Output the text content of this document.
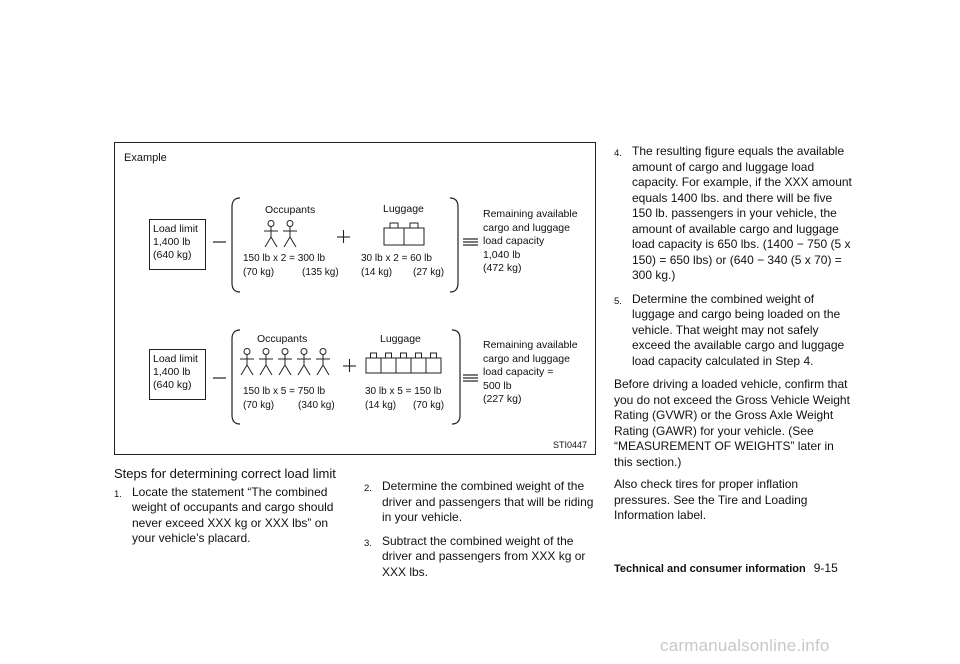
Example
Load limit
1,400 lb
(640 kg)
Occupants
150 lb x 2 = 300 lb
(70 kg)	(135 kg)
Luggage
30 lb x 2 = 60 lb
(14 kg) (27 kg)
Remaining available
cargo and luggage
load capacity
1,040 lb
(472 kg)
Load limit
1,400 lb
(640 kg)
Occupants
150 lb x 5 = 750 lb
(70 kg) (340 kg)
Luggage
30 lb x 5 = 150 lb
(14 kg) (70 kg)
Remaining available
cargo and luggage
load capacity =
500 lb
(227 kg)
STI0447
Steps for determining correct load limit
1. Locate the statement “The combined weight of occupants and cargo should never exceed XXX kg or XXX lbs” on your vehicle’s placard.
2. Determine the combined weight of the driver and passengers that will be riding in your vehicle.
3. Subtract the combined weight of the driver and passengers from XXX kg or XXX lbs.
4. The resulting figure equals the available amount of cargo and luggage load capacity. For example, if the XXX amount equals 1400 lbs. and there will be five 150 lb. passengers in your vehicle, the amount of available cargo and luggage load capacity is 650 lbs. (1400 − 750 (5 x 150) = 650 lbs) or (640 − 340 (5 x 70) = 300 kg.)
5. Determine the combined weight of luggage and cargo being loaded on the vehicle. That weight may not safely exceed the available cargo and luggage load capacity calculated in Step 4.

Before driving a loaded vehicle, confirm that you do not exceed the Gross Vehicle Weight Rating (GVWR) or the Gross Axle Weight Rating (GAWR) for your vehicle. (See “MEASUREMENT OF WEIGHTS” later in this section.)

Also check tires for proper inflation pressures. See the Tire and Loading Information label.

Technical and consumer information 9-15
carmanualsonline.info
